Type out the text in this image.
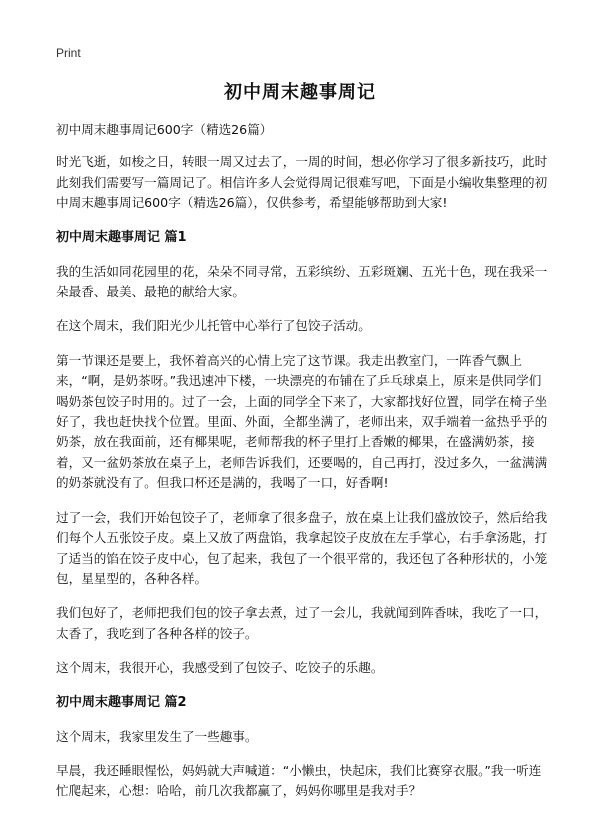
Print
初中周末趣事周记

初中周末趣事周记600字（精选26篇）

时光飞逝，如梭之日，转眼一周又过去了，一周的时间，想必你学习了很多新技巧，此时此刻我们需要写一篇周记了。相信许多人会觉得周记很难写吧，下面是小编收集整理的初中周末趣事周记600字（精选26篇），仅供参考，希望能够帮助到大家!

初中周末趣事周记 篇1

我的生活如同花园里的花，朵朵不同寻常，五彩缤纷、五彩斑斓、五光十色，现在我采一朵最香、最美、最艳的献给大家。

在这个周末，我们阳光少儿托管中心举行了包饺子活动。

第一节课还是要上，我怀着高兴的心情上完了这节课。我走出教室门，一阵香气飘上来，“啊，是奶茶呀。”我迅速冲下楼，一块漂亮的布铺在了乒乓球桌上，原来是供同学们喝奶茶包饺子时用的。过了一会，上面的同学全下来了，大家都找好位置，同学在椅子坐好了，我也赶快找个位置。里面、外面，全都坐满了，老师出来，双手端着一盆热乎乎的奶茶，放在我面前，还有椰果呢，老师帮我的杯子里打上香嫩的椰果，在盛满奶茶，接着，又一盆奶茶放在桌子上，老师告诉我们，还要喝的，自己再打，没过多久，一盆满满的奶茶就没有了。但我口杯还是满的，我喝了一口，好香啊!

过了一会，我们开始包饺子了，老师拿了很多盘子，放在桌上让我们盛放饺子，然后给我们每个人五张饺子皮。桌上又放了两盘馅，我拿起饺子皮放在左手掌心，右手拿汤匙，打了适当的馅在饺子皮中心，包了起来，我包了一个很平常的，我还包了各种形状的，小笼包，星星型的，各种各样。

我们包好了，老师把我们包的饺子拿去煮，过了一会儿，我就闻到阵香味，我吃了一口，太香了，我吃到了各种各样的饺子。

这个周末，我很开心，我感受到了包饺子、吃饺子的乐趣。

初中周末趣事周记 篇2

这个周末，我家里发生了一些趣事。

早晨，我还睡眼惺忪，妈妈就大声喊道：“小懒虫，快起床，我们比赛穿衣服。”我一听连忙爬起来，心想：哈哈，前几次我都赢了，妈妈你哪里是我对手？
